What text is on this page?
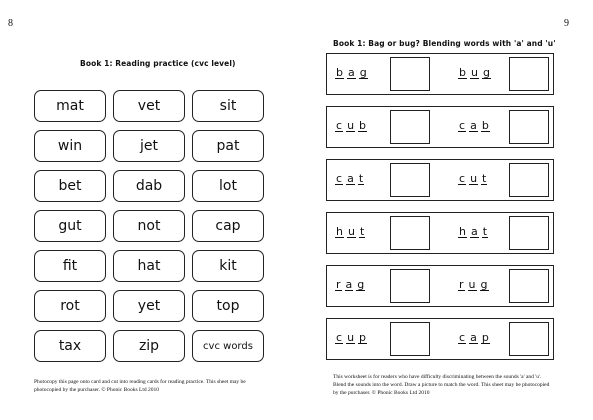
8	9
Book 1: Reading practice (cvc level)
mat	vet	sit
win	jet	pat
bet	dab	lot
gut	not	cap
fit	hat	kit
rot	yet	top
tax	zip	cvc words
Photocopy this page onto card and cut into reading cards for reading practice. This sheet may be
photocopied by the purchaser. © Phonic Books Ltd 2010
Book 1: Bag or bug? Blending words with 'a' and 'u'
b a g	b u g
c u b	c a b
c a t	c u t
h u t	h a t
r a g	r u g
c u p	c a p
This worksheet is for readers who have difficulty discriminating between the sounds 'a' and 'u'.
Blend the sounds into the word. Draw a picture to match the word. This sheet may be photocopied
by the purchaser. © Phonic Books Ltd 2010
